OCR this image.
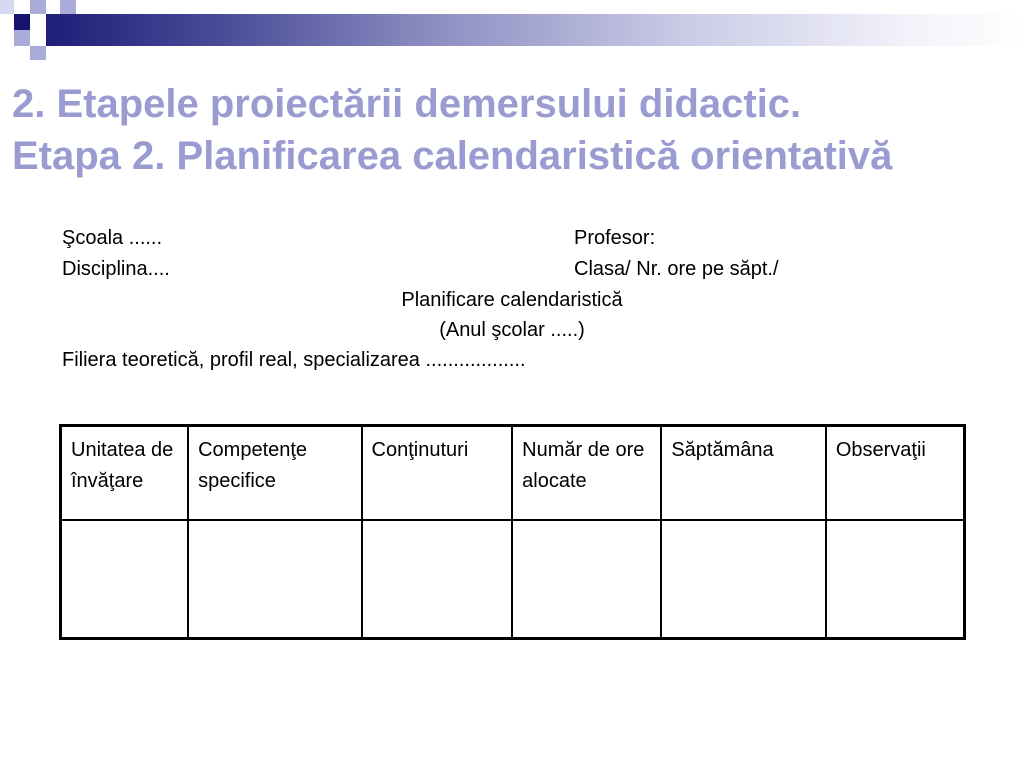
2. Etapele proiectării demersului didactic.
Etapa 2. Planificarea calendaristică orientativă
Şcoala ......	Profesor:
Disciplina....	Clasa/ Nr. ore pe săpt./
Planificare calendaristică
(Anul şcolar .....)
Filiera teoretică, profil real, specializarea ..................
Unitatea de învăţare	Competenţe specifice	Conţinuturi	Număr de ore alocate	Săptămâna	Observaţii
